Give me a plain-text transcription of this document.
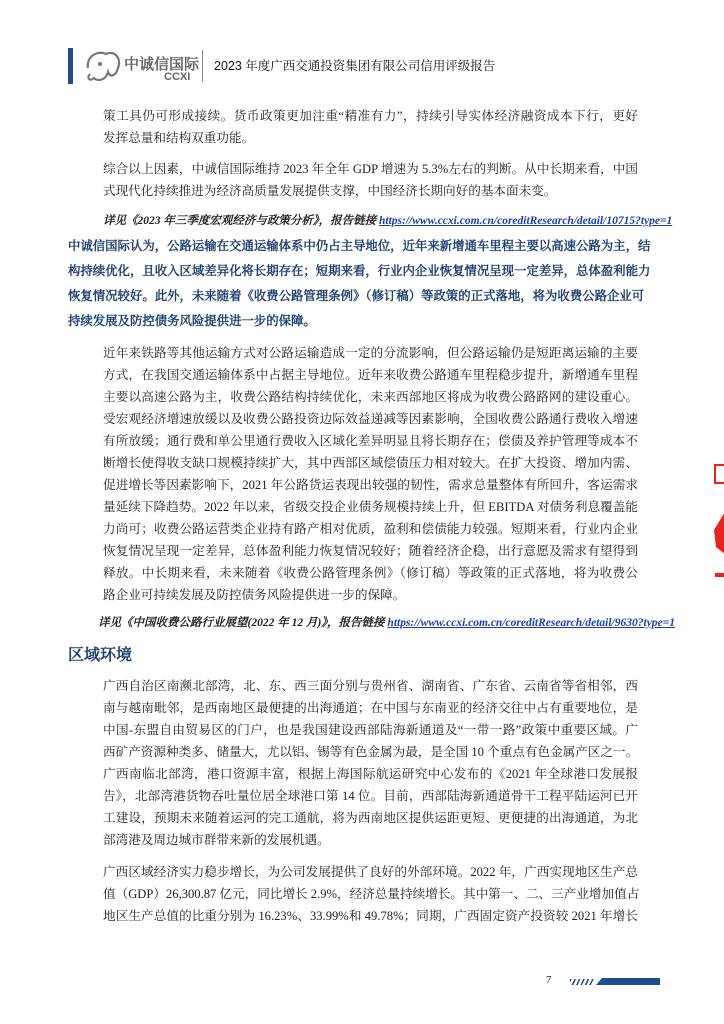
中诚信国际
CCXI
2023 年度广西交通投资集团有限公司信用评级报告
策工具仍可形成接续。货币政策更加注重“精准有力”，持续引导实体经济融资成本下行，更好
发挥总量和结构双重功能。
综合以上因素，中诚信国际维持 2023 年全年 GDP 增速为 5.3%左右的判断。从中长期来看，中国
式现代化持续推进为经济高质量发展提供支撑，中国经济长期向好的基本面未变。
详见《2023 年三季度宏观经济与政策分析》，报告链接 https://www.ccxi.com.cn/coreditResearch/detail/10715?type=1
中诚信国际认为，公路运输在交通运输体系中仍占主导地位，近年来新增通车里程主要以高速公路为主，结
构持续优化，且收入区域差异化将长期存在；短期来看，行业内企业恢复情况呈现一定差异，总体盈利能力
恢复情况较好。此外，未来随着《收费公路管理条例》（修订稿）等政策的正式落地，将为收费公路企业可
持续发展及防控债务风险提供进一步的保障。
近年来铁路等其他运输方式对公路运输造成一定的分流影响，但公路运输仍是短距离运输的主要
方式，在我国交通运输体系中占据主导地位。近年来收费公路通车里程稳步提升，新增通车里程
主要以高速公路为主，收费公路结构持续优化，未来西部地区将成为收费公路路网的建设重心。
受宏观经济增速放缓以及收费公路投资边际效益递减等因素影响，全国收费公路通行费收入增速
有所放缓；通行费和单公里通行费收入区域化差异明显且将长期存在；偿债及养护管理等成本不
断增长使得收支缺口规模持续扩大，其中西部区域偿债压力相对较大。在扩大投资、增加内需、
促进增长等因素影响下，2021 年公路货运表现出较强的韧性，需求总量整体有所回升，客运需求
量延续下降趋势。2022 年以来，省级交投企业债务规模持续上升，但 EBITDA 对债务利息覆盖能
力尚可；收费公路运营类企业持有路产相对优质，盈利和偿债能力较强。短期来看，行业内企业
恢复情况呈现一定差异，总体盈利能力恢复情况较好；随着经济企稳，出行意愿及需求有望得到
释放。中长期来看，未来随着《收费公路管理条例》（修订稿）等政策的正式落地，将为收费公
路企业可持续发展及防控债务风险提供进一步的保障。
详见《中国收费公路行业展望(2022 年 12 月)》，报告链接 https://www.ccxi.com.cn/coreditResearch/detail/9630?type=1
区域环境
广西自治区南濒北部湾，北、东、西三面分别与贵州省、湖南省、广东省、云南省等省相邻，西
南与越南毗邻，是西南地区最便捷的出海通道；在中国与东南亚的经济交往中占有重要地位，是
中国-东盟自由贸易区的门户，也是我国建设西部陆海新通道及“一带一路”政策中重要区域。广
西矿产资源种类多、储量大，尤以铝、锡等有色金属为最，是全国 10 个重点有色金属产区之一。
广西南临北部湾，港口资源丰富，根据上海国际航运研究中心发布的《2021 年全球港口发展报
告》，北部湾港货物吞吐量位居全球港口第 14 位。目前，西部陆海新通道骨干工程平陆运河已开
工建设，预期未来随着运河的完工通航，将为西南地区提供运距更短、更便捷的出海通道，为北
部湾港及周边城市群带来新的发展机遇。
广西区域经济实力稳步增长，为公司发展提供了良好的外部环境。2022 年，广西实现地区生产总
值（GDP）26,300.87 亿元，同比增长 2.9%，经济总量持续增长。其中第一、二、三产业增加值占
地区生产总值的比重分别为 16.23%、33.99%和 49.78%；同期，广西固定资产投资较 2021 年增长
7
